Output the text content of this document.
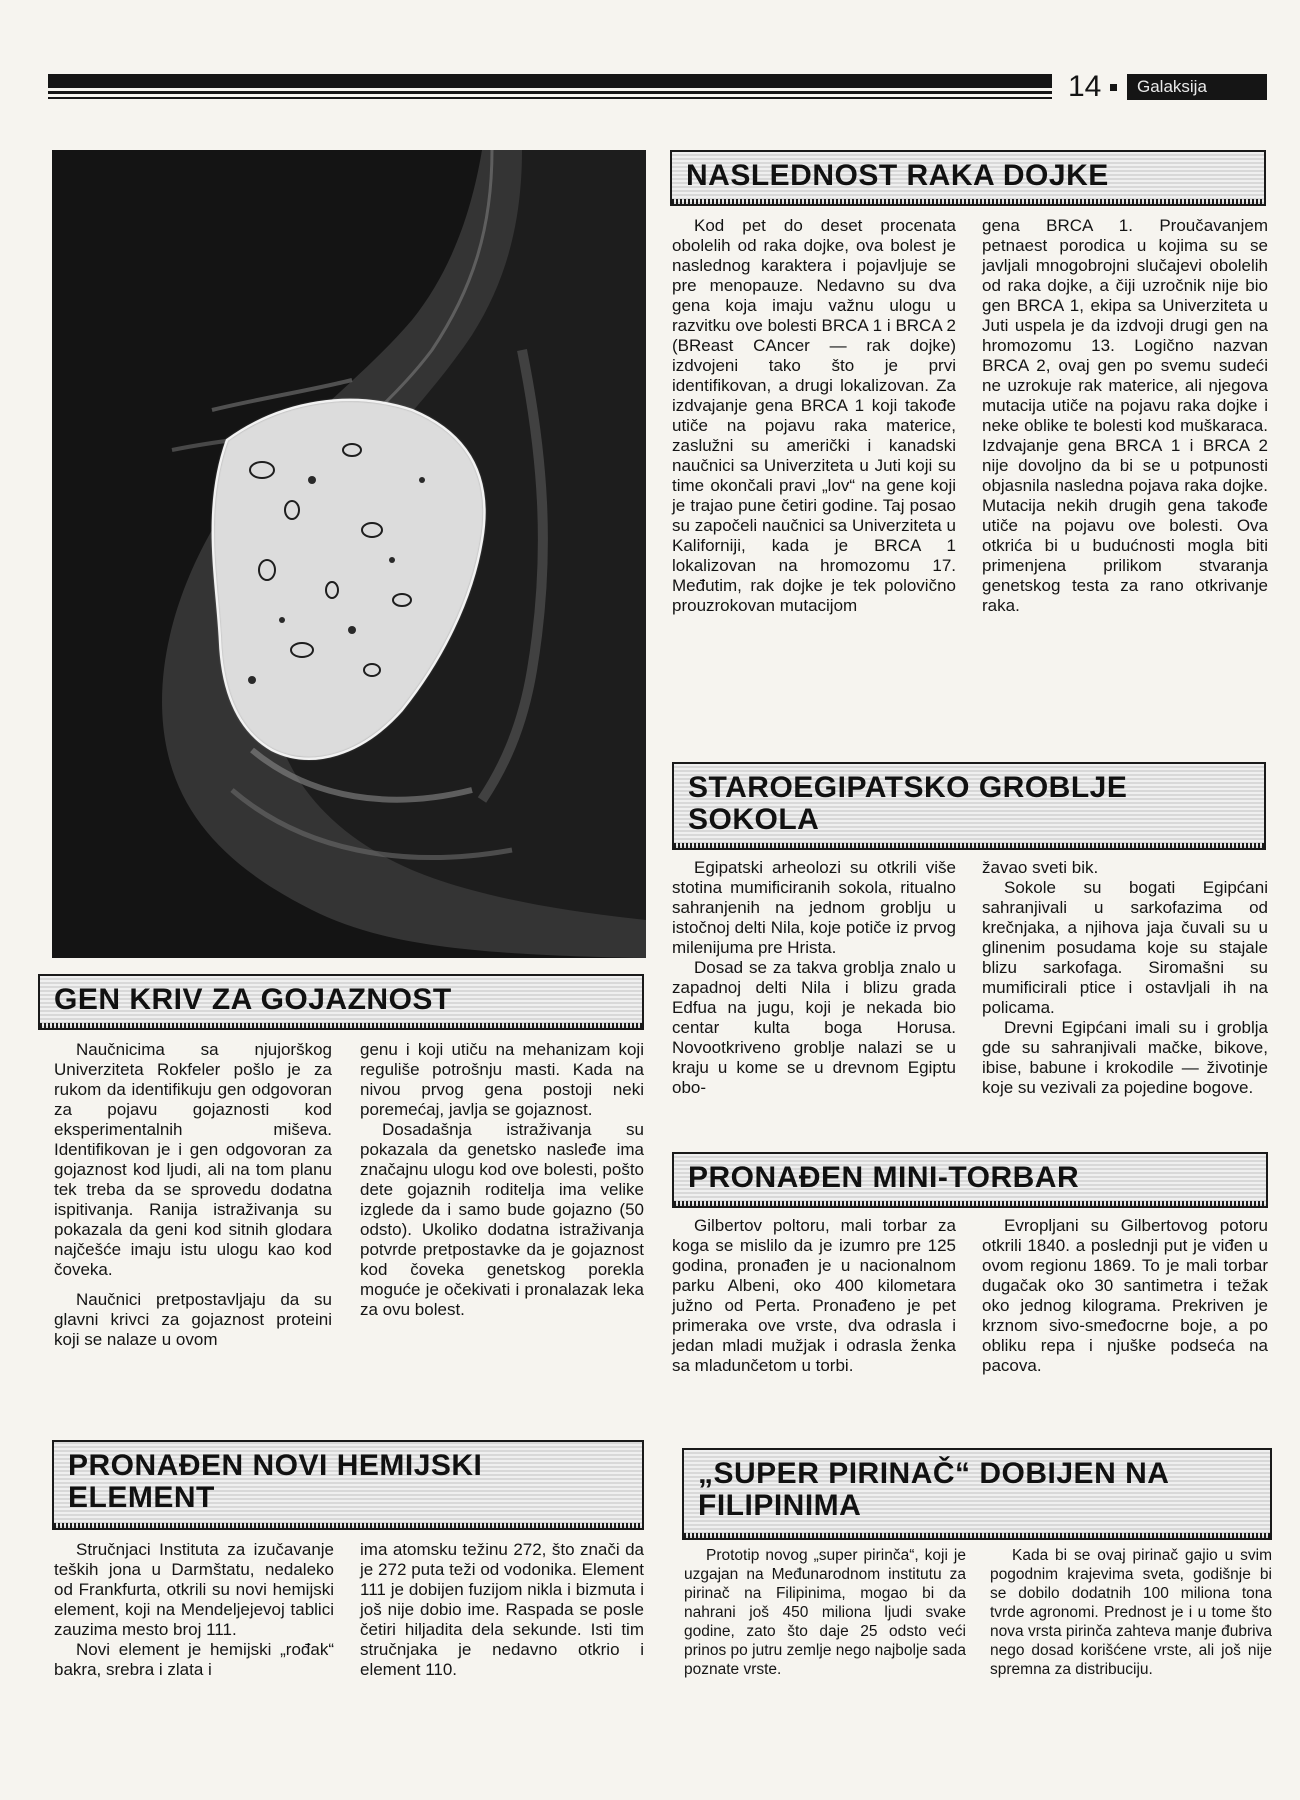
14	Galaksija
NASLEDNOST RAKA DOJKE

Kod pet do deset procenata obolelih od raka dojke, ova bolest je naslednog karaktera i pojavljuje se pre menopauze. Nedavno su dva gena koja imaju važnu ulogu u razvitku ove bolesti BRCA 1 i BRCA 2 (BReast CAncer — rak dojke) izdvojeni tako što je prvi identifikovan, a drugi lokalizovan. Za izdvajanje gena BRCA 1 koji takođe utiče na pojavu raka materice, zaslužni su američki i kanadski naučnici sa Univerziteta u Juti koji su time okončali pravi „lov“ na gene koji je trajao pune četiri godine. Taj posao su započeli naučnici sa Univerziteta u Kaliforniji, kada je BRCA 1 lokalizovan na hromozomu 17. Međutim, rak dojke je tek polovično prouzrokovan mutacijom

gena BRCA 1. Proučavanjem petnaest porodica u kojima su se javljali mnogobrojni slučajevi obolelih od raka dojke, a čiji uzročnik nije bio gen BRCA 1, ekipa sa Univerziteta u Juti uspela je da izdvoji drugi gen na hromozomu 13. Logično nazvan BRCA 2, ovaj gen po svemu sudeći ne uzrokuje rak materice, ali njegova mutacija utiče na pojavu raka dojke i neke oblike te bolesti kod muškaraca. Izdvajanje gena BRCA 1 i BRCA 2 nije dovoljno da bi se u potpunosti objasnila nasledna pojava raka dojke. Mutacija nekih drugih gena takođe utiče na pojavu ove bolesti. Ova otkrića bi u budućnosti mogla biti primenjena prilikom stvaranja genetskog testa za rano otkrivanje raka.

STAROEGIPATSKO GROBLJE SOKOLA

Egipatski arheolozi su otkrili više stotina mumificiranih sokola, ritualno sahranjenih na jednom groblju u istočnoj delti Nila, koje potiče iz prvog milenijuma pre Hrista.

Dosad se za takva groblja znalo u zapadnoj delti Nila i blizu grada Edfua na jugu, koji je nekada bio centar kulta boga Horusa. Novootkriveno groblje nalazi se u kraju u kome se u drevnom Egiptu obo-

žavao sveti bik.

Sokole su bogati Egipćani sahranjivali u sarkofazima od krečnjaka, a njihova jaja čuvali su u glinenim posudama koje su stajale blizu sarkofaga. Siromašni su mumificirali ptice i ostavljali ih na policama.

Drevni Egipćani imali su i groblja gde su sahranjivali mačke, bikove, ibise, babune i krokodile — životinje koje su vezivali za pojedine bogove.

GEN KRIV ZA GOJAZNOST

Naučnicima sa njujorškog Univerziteta Rokfeler pošlo je za rukom da identifikuju gen odgovoran za pojavu gojaznosti kod eksperimentalnih miševa. Identifikovan je i gen odgovoran za gojaznost kod ljudi, ali na tom planu tek treba da se sprovedu dodatna ispitivanja. Ranija istraživanja su pokazala da geni kod sitnih glodara najčešće imaju istu ulogu kao kod čoveka.

Naučnici pretpostavljaju da su glavni krivci za gojaznost proteini koji se nalaze u ovom

genu i koji utiču na mehanizam koji reguliše potrošnju masti. Kada na nivou prvog gena postoji neki poremećaj, javlja se gojaznost.

Dosadašnja istraživanja su pokazala da genetsko nasleđe ima značajnu ulogu kod ove bolesti, pošto dete gojaznih roditelja ima velike izglede da i samo bude gojazno (50 odsto). Ukoliko dodatna istraživanja potvrde pretpostavke da je gojaznost kod čoveka genetskog porekla moguće je očekivati i pronalazak leka za ovu bolest.

PRONAĐEN MINI-TORBAR

Gilbertov poltoru, mali torbar za koga se mislilo da je izumro pre 125 godina, pronađen je u nacionalnom parku Albeni, oko 400 kilometara južno od Perta. Pronađeno je pet primeraka ove vrste, dva odrasla i jedan mladi mužjak i odrasla ženka sa mladunčetom u torbi.

Evropljani su Gilbertovog potoru otkrili 1840. a poslednji put je viđen u ovom regionu 1869. To je mali torbar dugačak oko 30 santimetra i težak oko jednog kilograma. Prekriven je krznom sivo-smeđocrne boje, a po obliku repa i njuške podseća na pacova.

PRONAĐEN NOVI HEMIJSKI ELEMENT

Stručnjaci Instituta za izučavanje teških jona u Darmštatu, nedaleko od Frankfurta, otkrili su novi hemijski element, koji na Mendeljejevoj tablici zauzima mesto broj 111.

Novi element je hemijski „rođak“ bakra, srebra i zlata i

ima atomsku težinu 272, što znači da je 272 puta teži od vodonika. Element 111 je dobijen fuzijom nikla i bizmuta i još nije dobio ime. Raspada se posle četiri hiljadita dela sekunde. Isti tim stručnjaka je nedavno otkrio i element 110.

„SUPER PIRINAČ“ DOBIJEN NA FILIPINIMA

Prototip novog „super pirinča“, koji je uzgajan na Međunarodnom institutu za pirinač na Filipinima, mogao bi da nahrani još 450 miliona ljudi svake godine, zato što daje 25 odsto veći prinos po jutru zemlje nego najbolje sada poznate vrste.

Kada bi se ovaj pirinač gajio u svim pogodnim krajevima sveta, godišnje bi se dobilo dodatnih 100 miliona tona tvrde agronomi. Prednost je i u tome što nova vrsta pirinča zahteva manje đubriva nego dosad korišćene vrste, ali još nije spremna za distribuciju.
